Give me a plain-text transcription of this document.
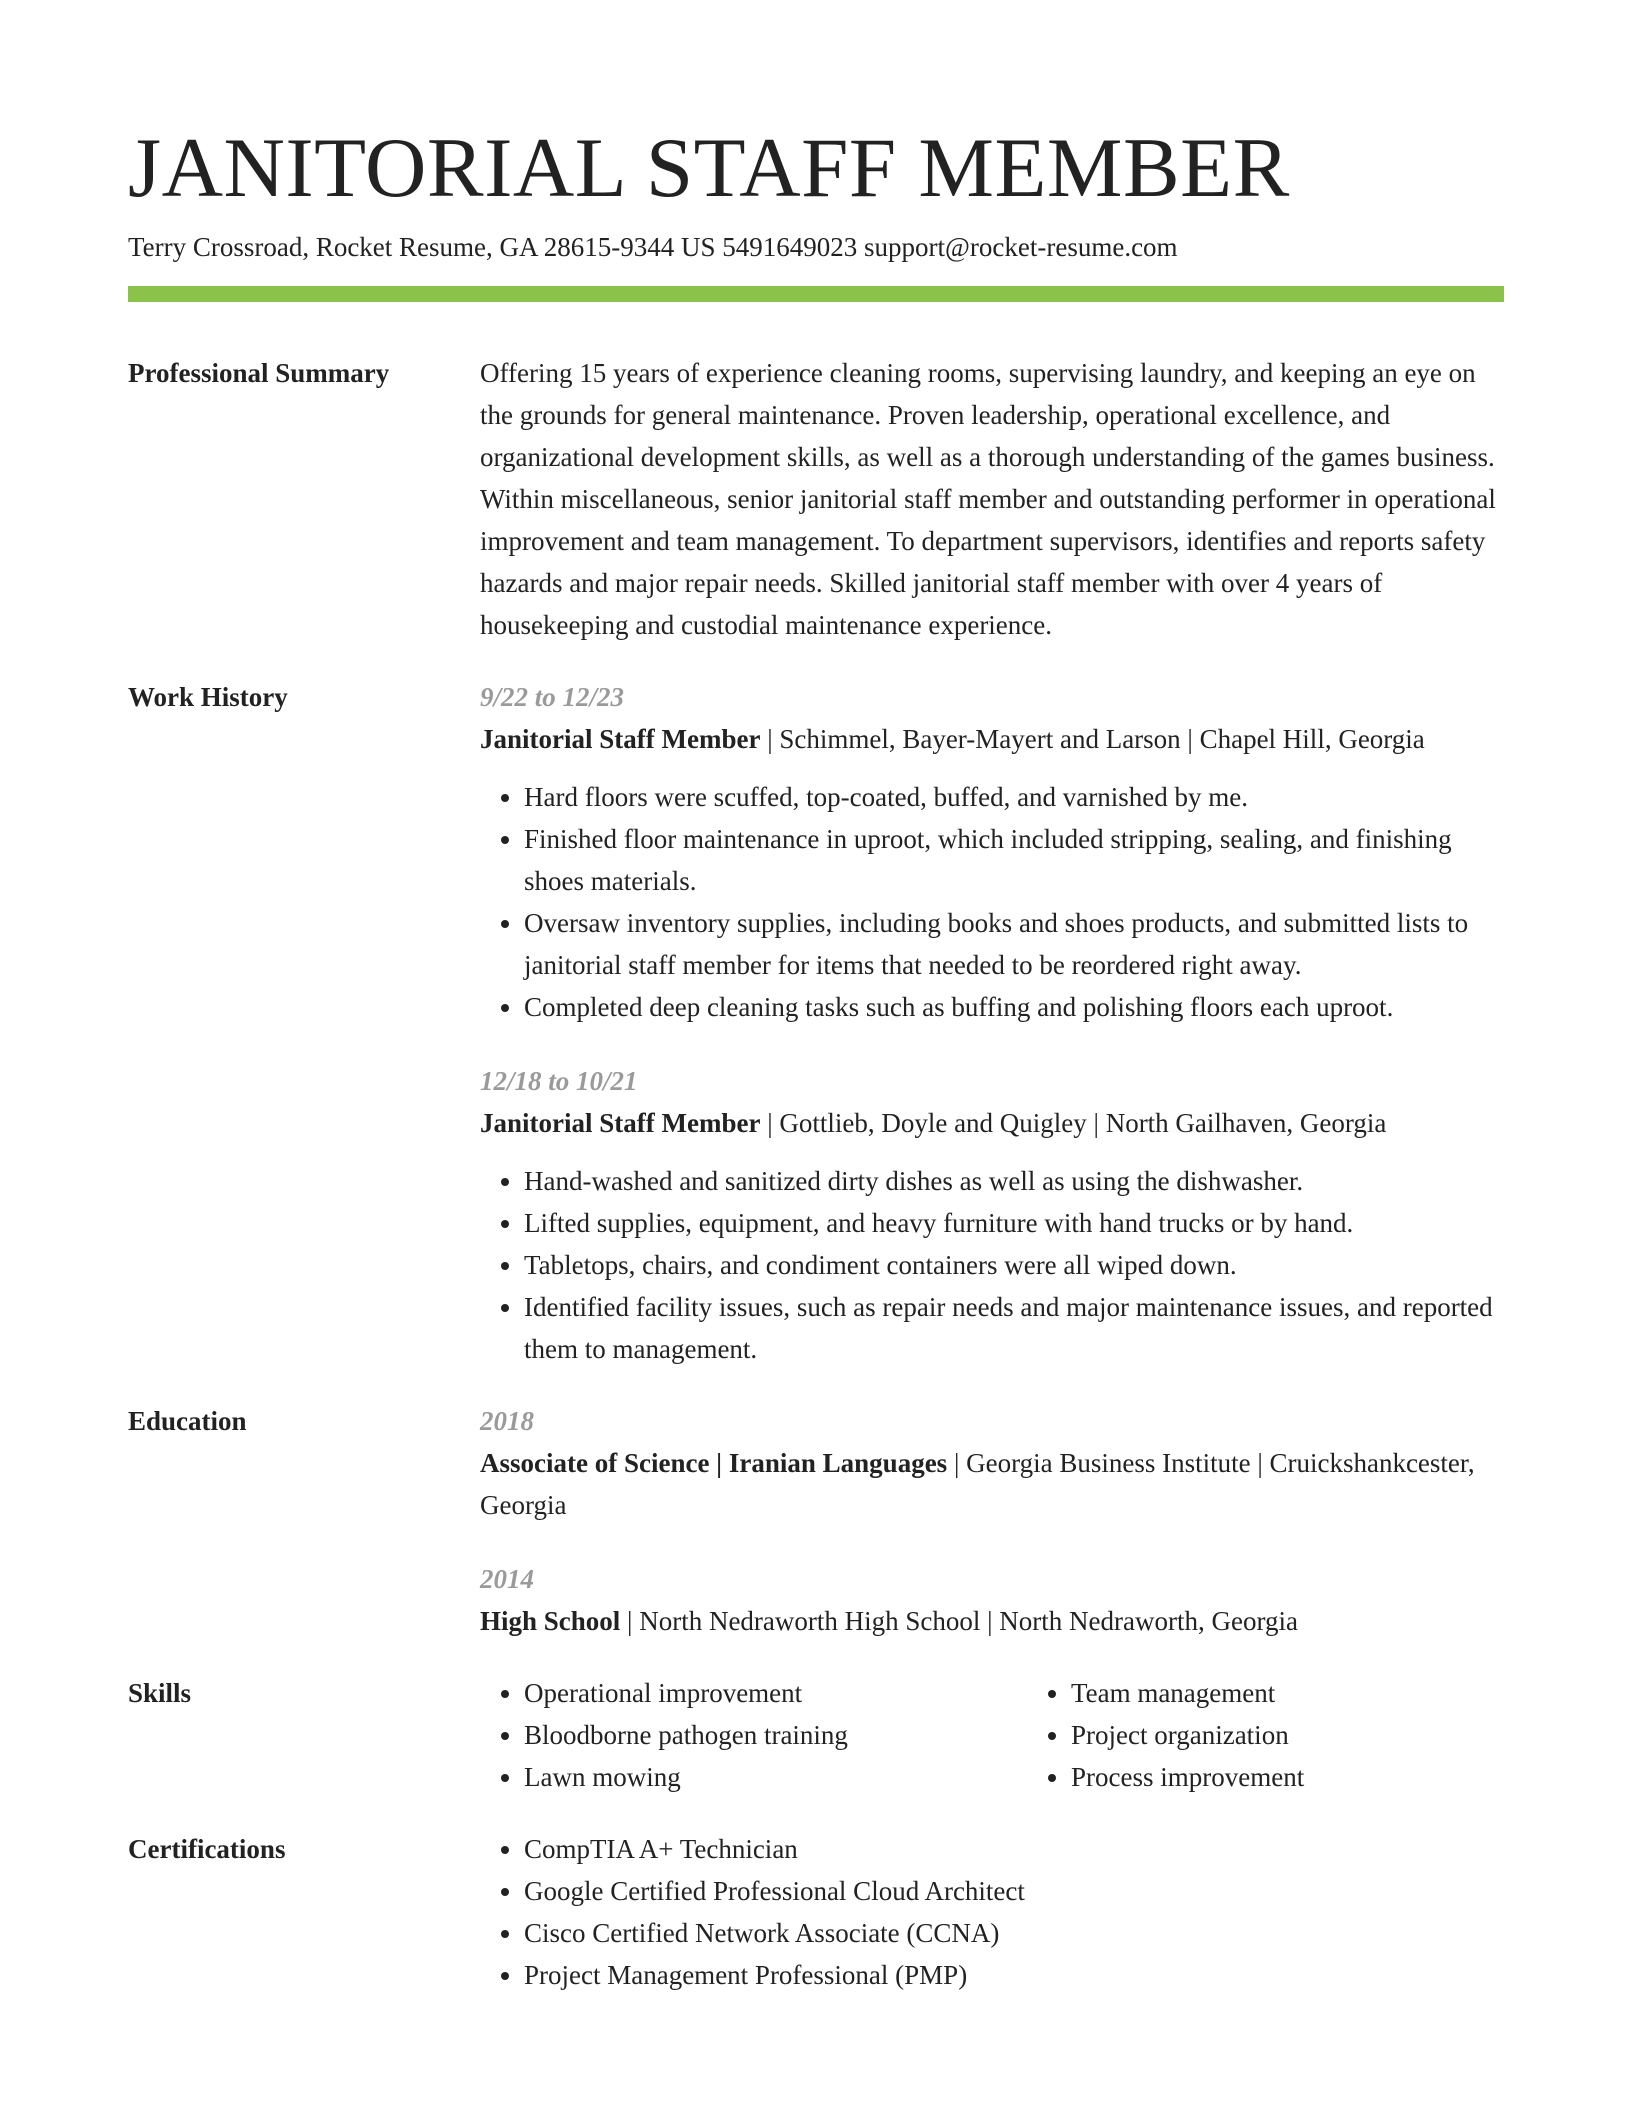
JANITORIAL STAFF MEMBER
Terry Crossroad, Rocket Resume, GA 28615-9344 US 5491649023 support@rocket-resume.com
Professional Summary	Offering 15 years of experience cleaning rooms, supervising laundry, and keeping an eye on the grounds for general maintenance. Proven leadership, operational excellence, and organizational development skills, as well as a thorough understanding of the games business. Within miscellaneous, senior janitorial staff member and outstanding performer in operational improvement and team management. To department supervisors, identifies and reports safety hazards and major repair needs. Skilled janitorial staff member with over 4 years of housekeeping and custodial maintenance experience.

Work History	9/22 to 12/23
Janitorial Staff Member | Schimmel, Bayer-Mayert and Larson | Chapel Hill, Georgia
• Hard floors were scuffed, top-coated, buffed, and varnished by me.
• Finished floor maintenance in uproot, which included stripping, sealing, and finishing shoes materials.
• Oversaw inventory supplies, including books and shoes products, and submitted lists to janitorial staff member for items that needed to be reordered right away.
• Completed deep cleaning tasks such as buffing and polishing floors each uproot.
12/18 to 10/21
Janitorial Staff Member | Gottlieb, Doyle and Quigley | North Gailhaven, Georgia
• Hand-washed and sanitized dirty dishes as well as using the dishwasher.
• Lifted supplies, equipment, and heavy furniture with hand trucks or by hand.
• Tabletops, chairs, and condiment containers were all wiped down.
• Identified facility issues, such as repair needs and major maintenance issues, and reported them to management.
Education	2018
Associate of Science | Iranian Languages | Georgia Business Institute | Cruickshankcester, Georgia
2014
High School | North Nedraworth High School | North Nedraworth, Georgia
Skills	• Operational improvement
• Bloodborne pathogen training
• Lawn mowing
• Team management
• Project organization
• Process improvement
Certifications	• CompTIA A+ Technician
• Google Certified Professional Cloud Architect
• Cisco Certified Network Associate (CCNA)
• Project Management Professional (PMP)
